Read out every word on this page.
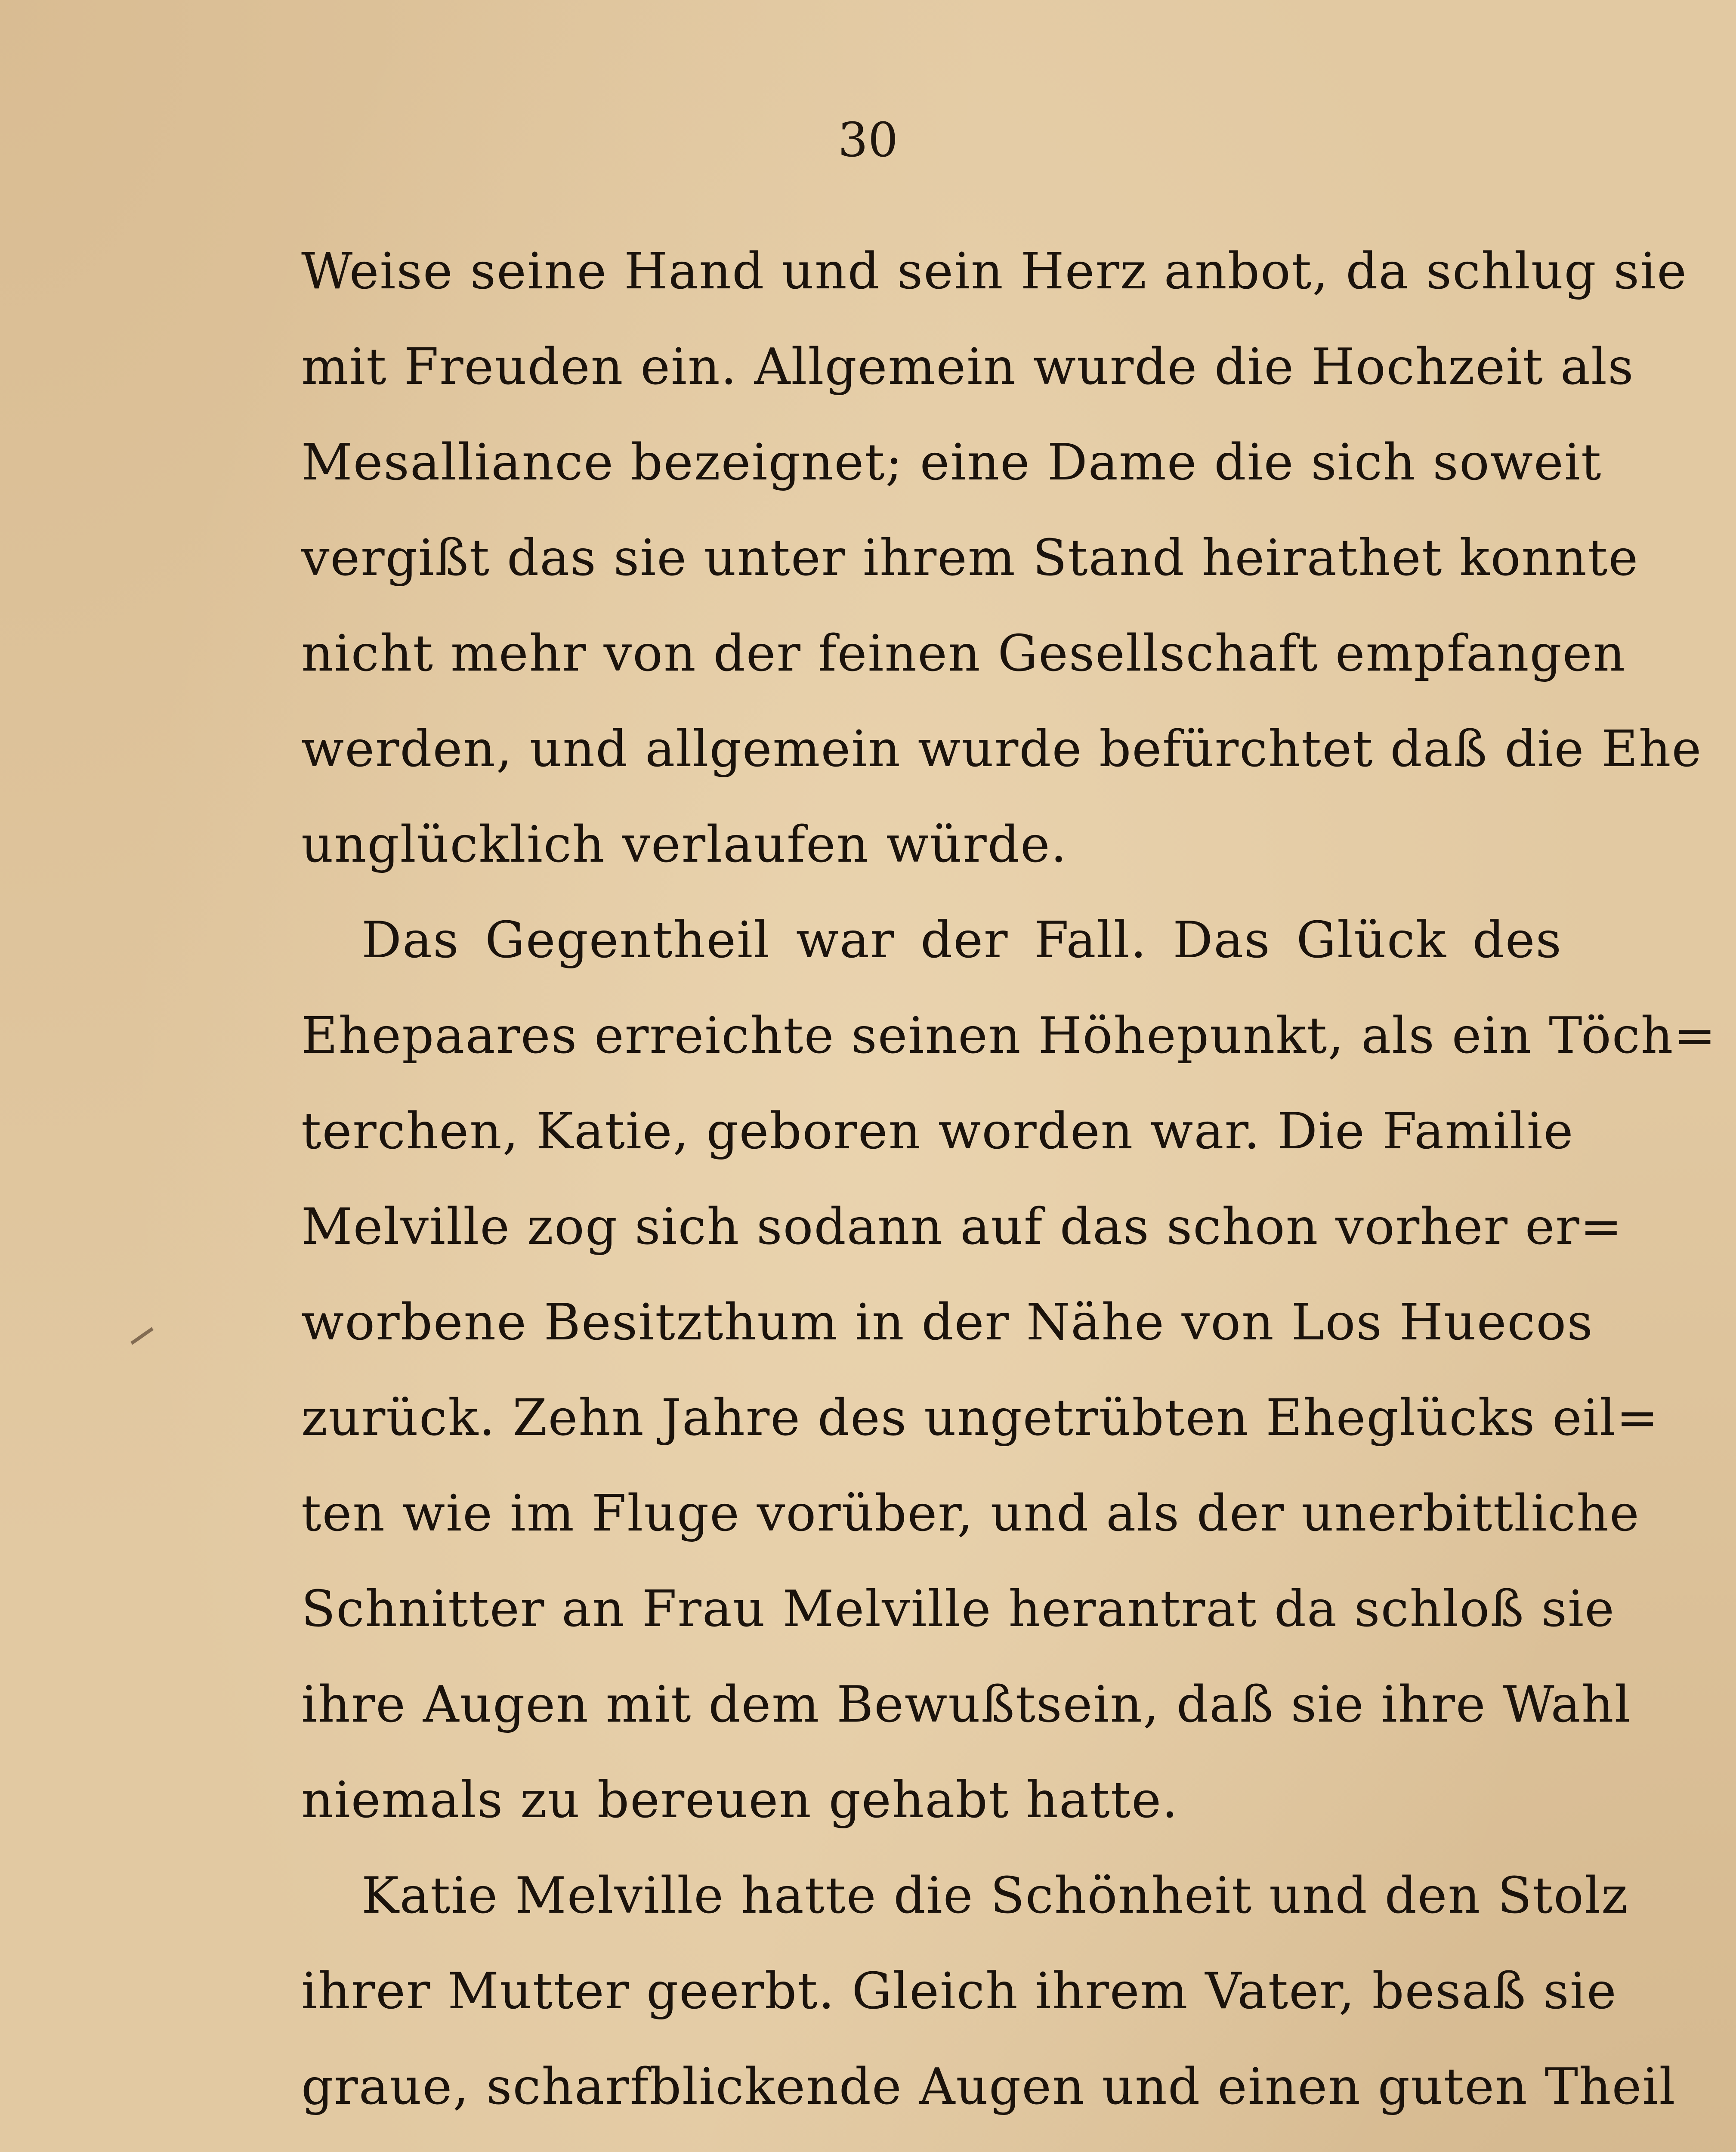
30
Weise seine Hand und sein Herz anbot, da schlug sie
mit Freuden ein. Allgemein wurde die Hochzeit als
Mesalliance bezeignet; eine Dame die sich soweit
vergißt das sie unter ihrem Stand heirathet konnte
nicht mehr von der feinen Gesellschaft empfangen
werden, und allgemein wurde befürchtet daß die Ehe
unglücklich verlaufen würde.
Das Gegentheil war der Fall. Das Glück des
Ehepaares erreichte seinen Höhepunkt, als ein Töch=
terchen, Katie, geboren worden war. Die Familie
Melville zog sich sodann auf das schon vorher er=
worbene Besitzthum in der Nähe von Los Huecos
zurück. Zehn Jahre des ungetrübten Eheglücks eil=
ten wie im Fluge vorüber, und als der unerbittliche
Schnitter an Frau Melville herantrat da schloß sie
ihre Augen mit dem Bewußtsein, daß sie ihre Wahl
niemals zu bereuen gehabt hatte.
Katie Melville hatte die Schönheit und den Stolz
ihrer Mutter geerbt. Gleich ihrem Vater, besaß sie
graue, scharfblickende Augen und einen guten Theil
